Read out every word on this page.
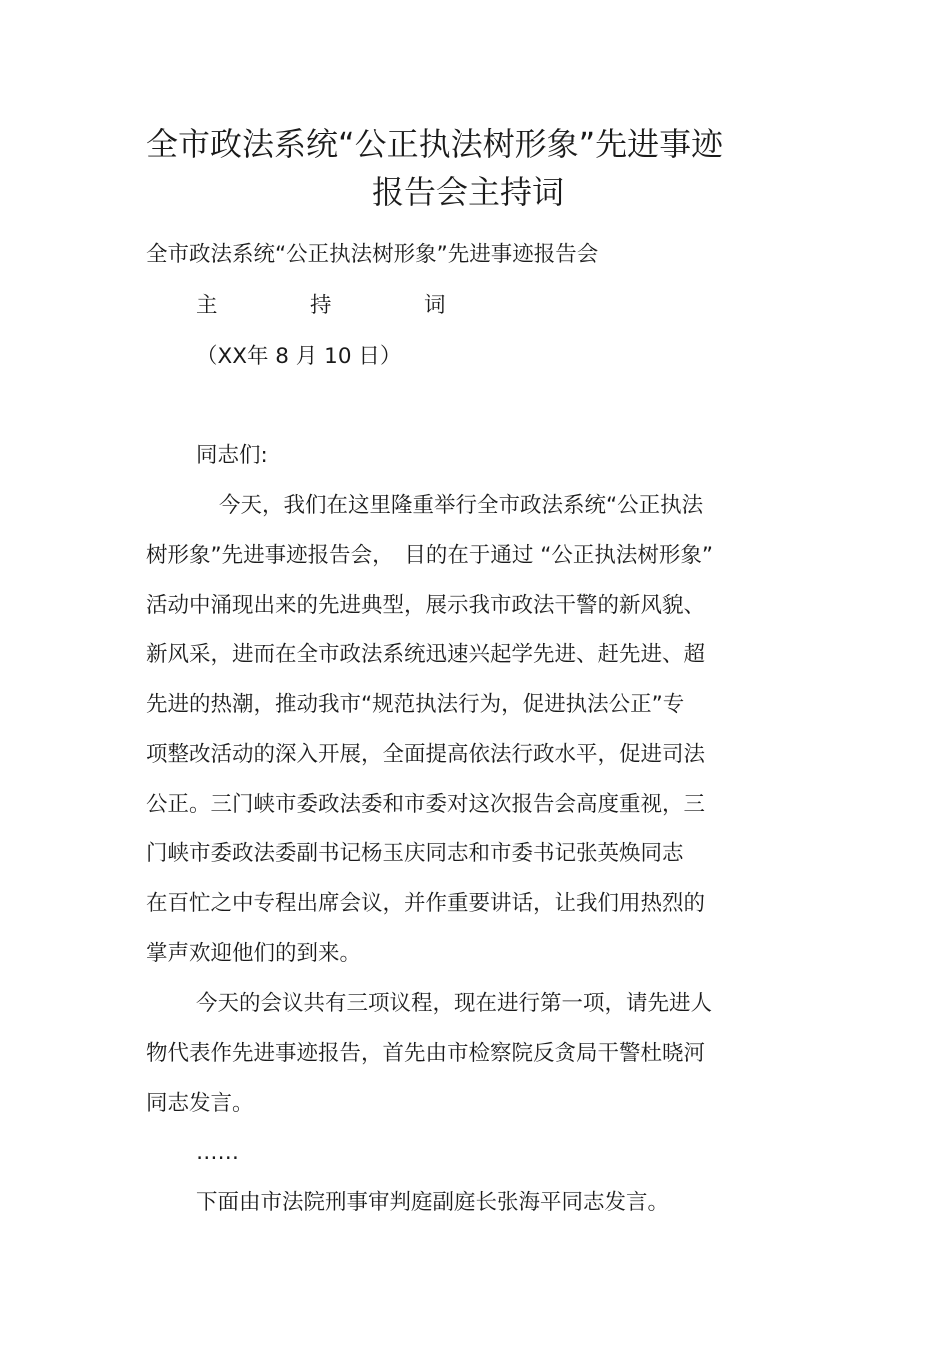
全市政法系统“公正执法树形象”先进事迹
报告会主持词
全市政法系统“公正执法树形象”先进事迹报告会
主	持	词
（XX年 8 月 10 日）
同志们:
今天，我们在这里隆重举行全市政法系统“公正执法
树形象”先进事迹报告会，　目的在于通过 “公正执法树形象”
活动中涌现出来的先进典型，展示我市政法干警的新风貌、
新风采，进而在全市政法系统迅速兴起学先进、赶先进、超
先进的热潮，推动我市“规范执法行为，促进执法公正”专
项整改活动的深入开展，全面提高依法行政水平，促进司法
公正。三门峡市委政法委和市委对这次报告会高度重视，三
门峡市委政法委副书记杨玉庆同志和市委书记张英焕同志
在百忙之中专程出席会议，并作重要讲话，让我们用热烈的
掌声欢迎他们的到来。
今天的会议共有三项议程，现在进行第一项，请先进人
物代表作先进事迹报告，首先由市检察院反贪局干警杜晓河
同志发言。
……
下面由市法院刑事审判庭副庭长张海平同志发言。
